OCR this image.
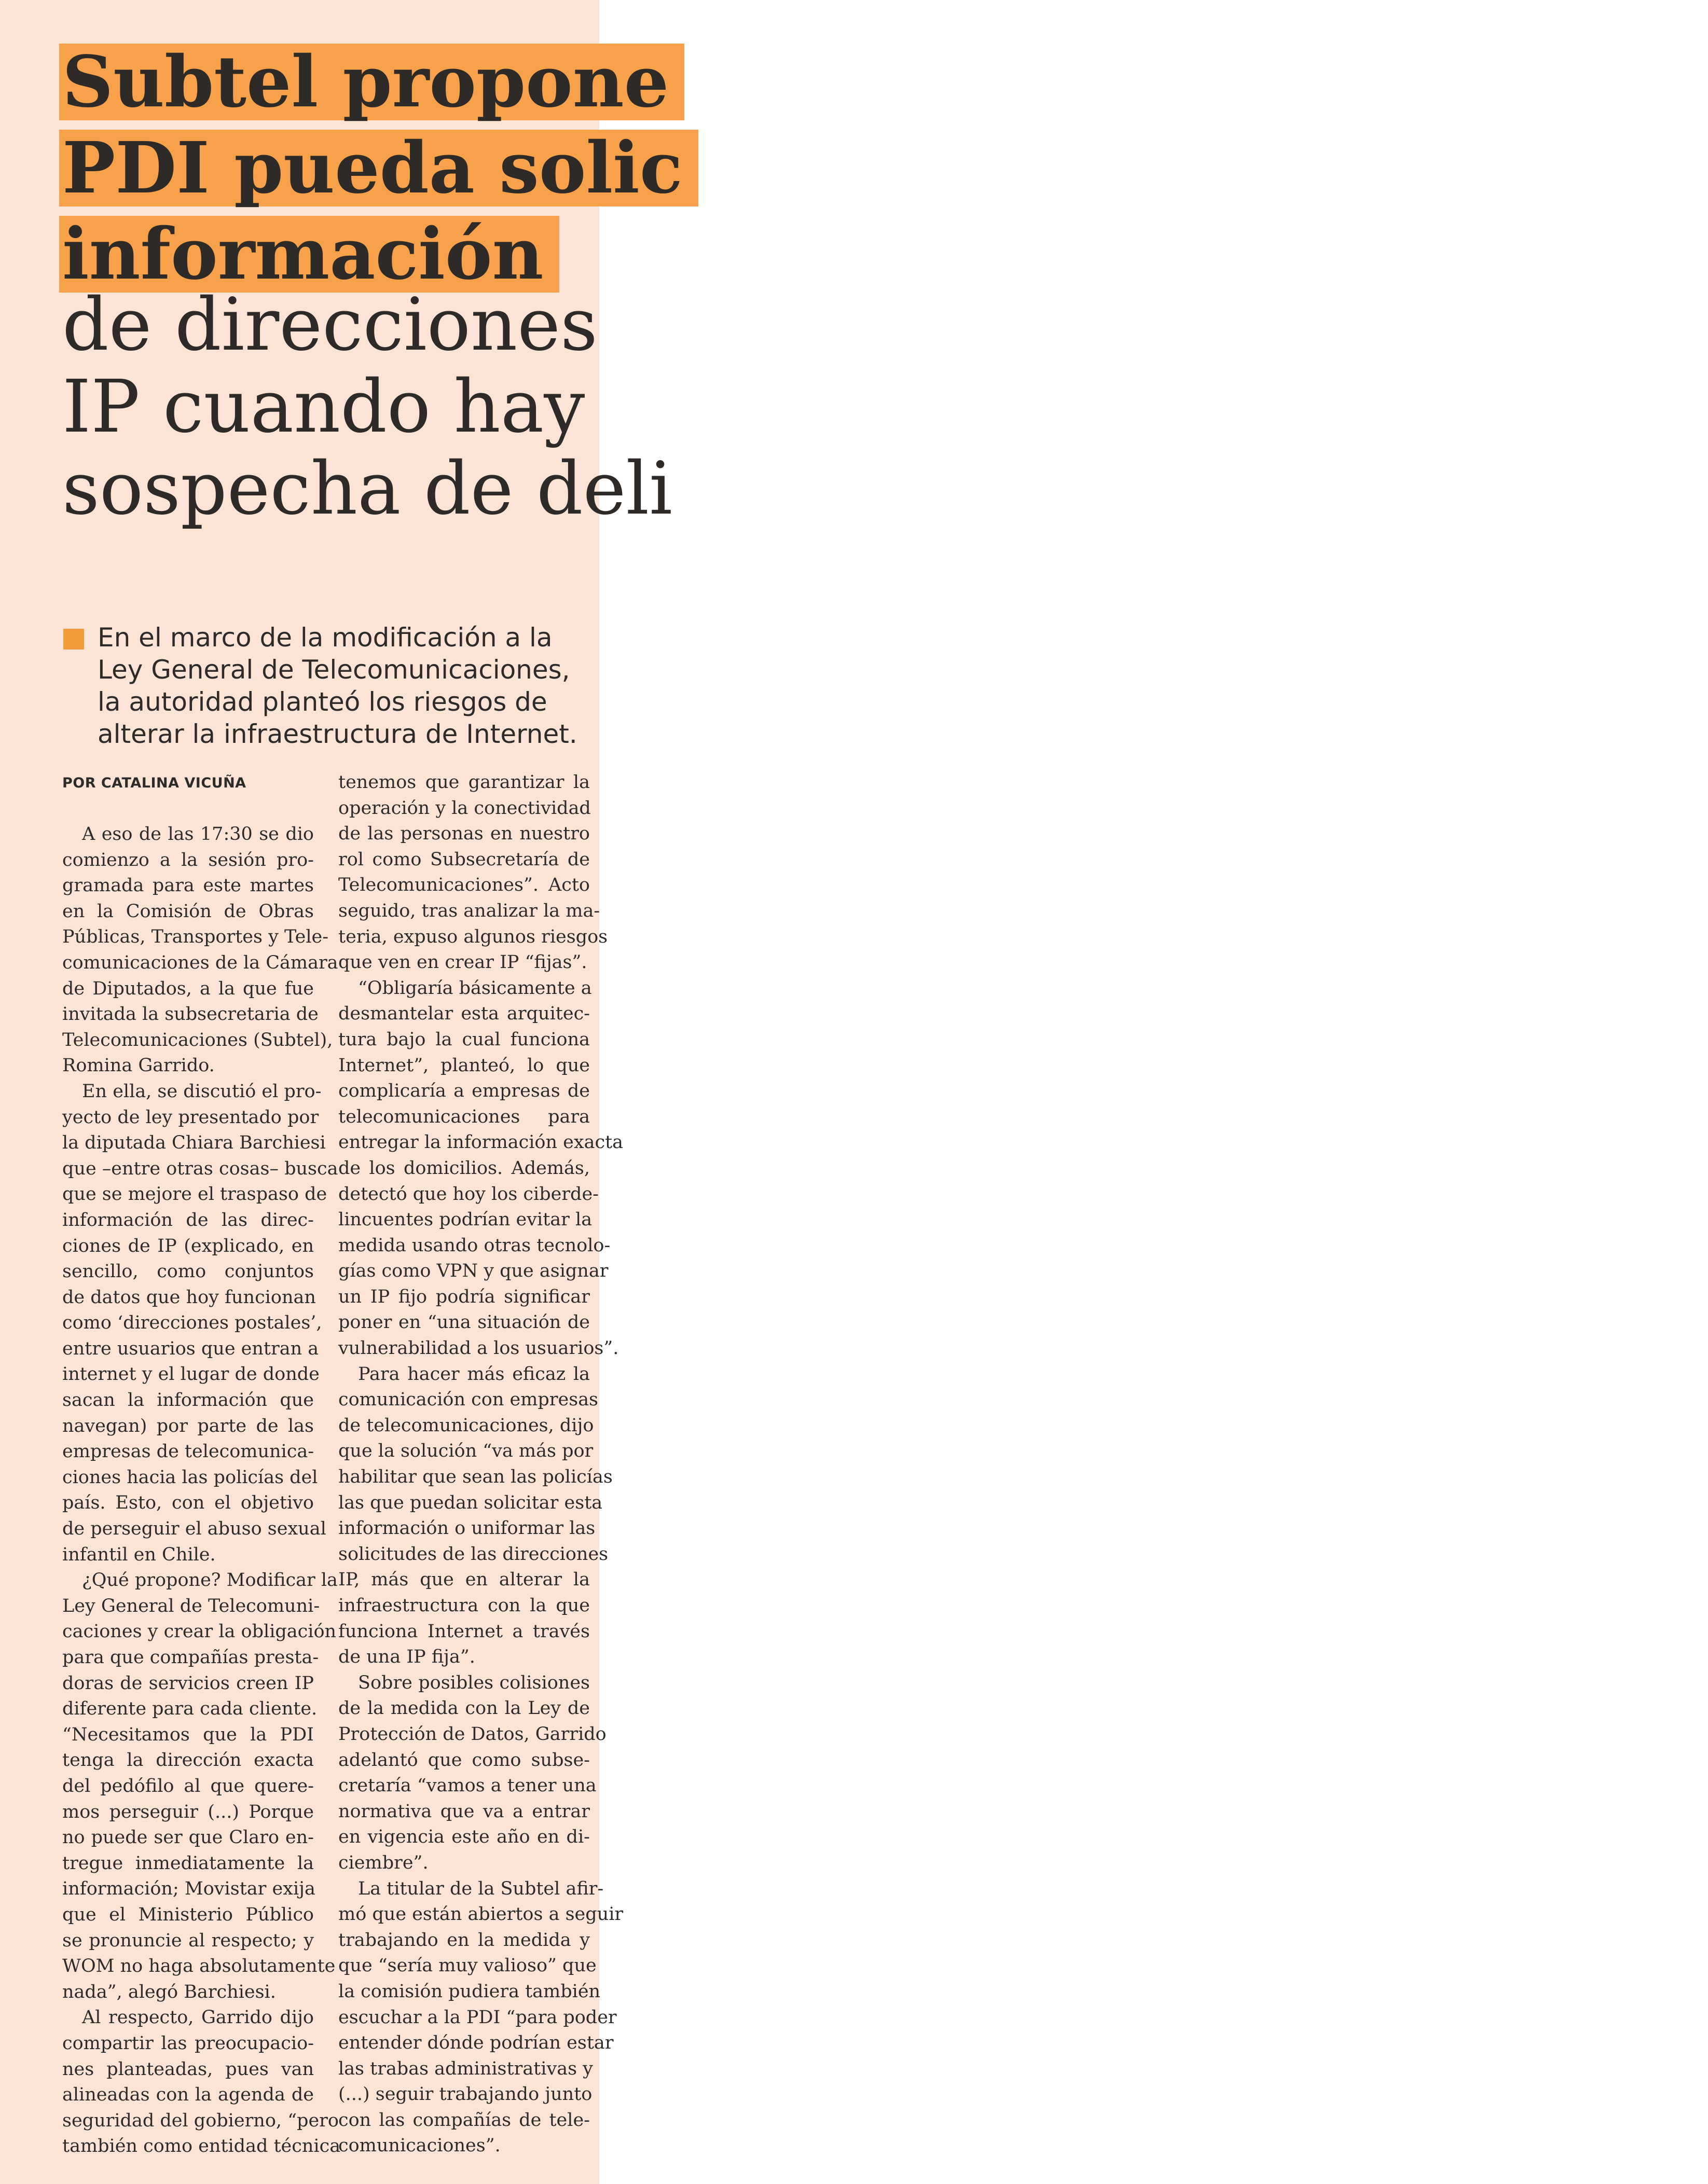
Subtel propone
PDI pueda solic
información
de direcciones
IP cuando hay
sospecha de deli
En el marco de la modificación a la
Ley General de Telecomunicaciones,
la autoridad planteó los riesgos de
alterar la infraestructura de Internet.
POR CATALINA VICUÑA
A eso de las 17:30 se dio
comienzo a la sesión pro-
gramada para este martes
en la Comisión de Obras
Públicas, Transportes y Tele-
comunicaciones de la Cámara
de Diputados, a la que fue
invitada la subsecretaria de
Telecomunicaciones (Subtel),
Romina Garrido.
En ella, se discutió el pro-
yecto de ley presentado por
la diputada Chiara Barchiesi
que –entre otras cosas– busca
que se mejore el traspaso de
información de las direc-
ciones de IP (explicado, en
sencillo, como conjuntos
de datos que hoy funcionan
como ‘direcciones postales’,
entre usuarios que entran a
internet y el lugar de donde
sacan la información que
navegan) por parte de las
empresas de telecomunica-
ciones hacia las policías del
país. Esto, con el objetivo
de perseguir el abuso sexual
infantil en Chile.
¿Qué propone? Modificar la
Ley General de Telecomuni-
caciones y crear la obligación
para que compañías presta-
doras de servicios creen IP
diferente para cada cliente.
“Necesitamos que la PDI
tenga la dirección exacta
del pedófilo al que quere-
mos perseguir (...) Porque
no puede ser que Claro en-
tregue inmediatamente la
información; Movistar exija
que el Ministerio Público
se pronuncie al respecto; y
WOM no haga absolutamente
nada”, alegó Barchiesi.
Al respecto, Garrido dijo
compartir las preocupacio-
nes planteadas, pues van
alineadas con la agenda de
seguridad del gobierno, “pero
también como entidad técnica
tenemos que garantizar la
operación y la conectividad
de las personas en nuestro
rol como Subsecretaría de
Telecomunicaciones”. Acto
seguido, tras analizar la ma-
teria, expuso algunos riesgos
que ven en crear IP “fijas”.
“Obligaría básicamente a
desmantelar esta arquitec-
tura bajo la cual funciona
Internet”, planteó, lo que
complicaría a empresas de
telecomunicaciones para
entregar la información exacta
de los domicilios. Además,
detectó que hoy los ciberde-
lincuentes podrían evitar la
medida usando otras tecnolo-
gías como VPN y que asignar
un IP fijo podría significar
poner en “una situación de
vulnerabilidad a los usuarios”.
Para hacer más eficaz la
comunicación con empresas
de telecomunicaciones, dijo
que la solución “va más por
habilitar que sean las policías
las que puedan solicitar esta
información o uniformar las
solicitudes de las direcciones
IP, más que en alterar la
infraestructura con la que
funciona Internet a través
de una IP fija”.
Sobre posibles colisiones
de la medida con la Ley de
Protección de Datos, Garrido
adelantó que como subse-
cretaría “vamos a tener una
normativa que va a entrar
en vigencia este año en di-
ciembre”.
La titular de la Subtel afir-
mó que están abiertos a seguir
trabajando en la medida y
que “sería muy valioso” que
la comisión pudiera también
escuchar a la PDI “para poder
entender dónde podrían estar
las trabas administrativas y
(...) seguir trabajando junto
con las compañías de tele-
comunicaciones”.
